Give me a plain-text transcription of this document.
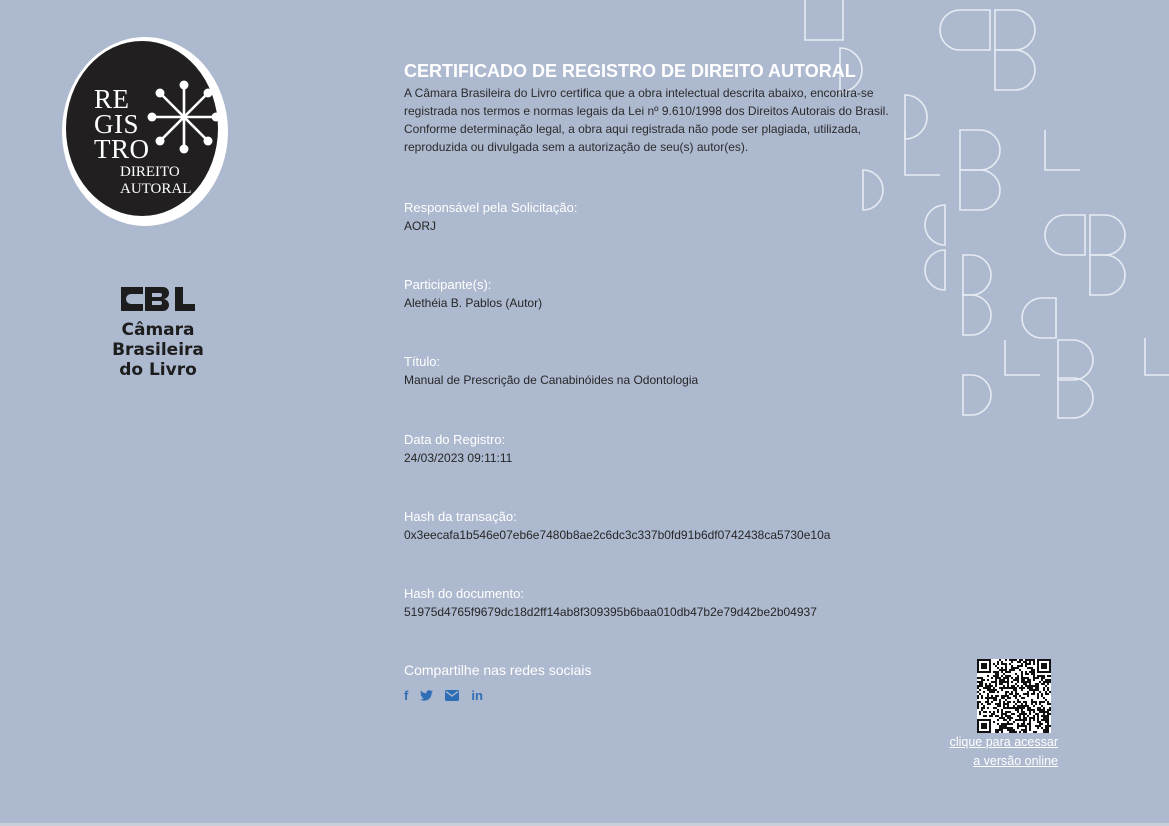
RE
GIS
TRO
DIREITO
AUTORAL
Câmara
Brasileira
do Livro
CERTIFICADO DE REGISTRO DE DIREITO AUTORAL
A Câmara Brasileira do Livro certifica que a obra intelectual descrita abaixo, encontra-se
registrada nos termos e normas legais da Lei nº 9.610/1998 dos Direitos Autorais do Brasil.
Conforme determinação legal, a obra aqui registrada não pode ser plagiada, utilizada,
reproduzida ou divulgada sem a autorização de seu(s) autor(es).
Responsável pela Solicitação:
AORJ
Participante(s):
Alethéia B. Pablos (Autor)
Título:
Manual de Prescrição de Canabinóides na Odontologia
Data do Registro:
24/03/2023 09:11:11
Hash da transação:
0x3eecafa1b546e07eb6e7480b8ae2c6dc3c337b0fd91b6df0742438ca5730e10a
Hash do documento:
51975d4765f9679dc18d2ff14ab8f309395b6baa010db47b2e79d42be2b04937
Compartilhe nas redes sociais
f	in
clique para acessar
a versão online
